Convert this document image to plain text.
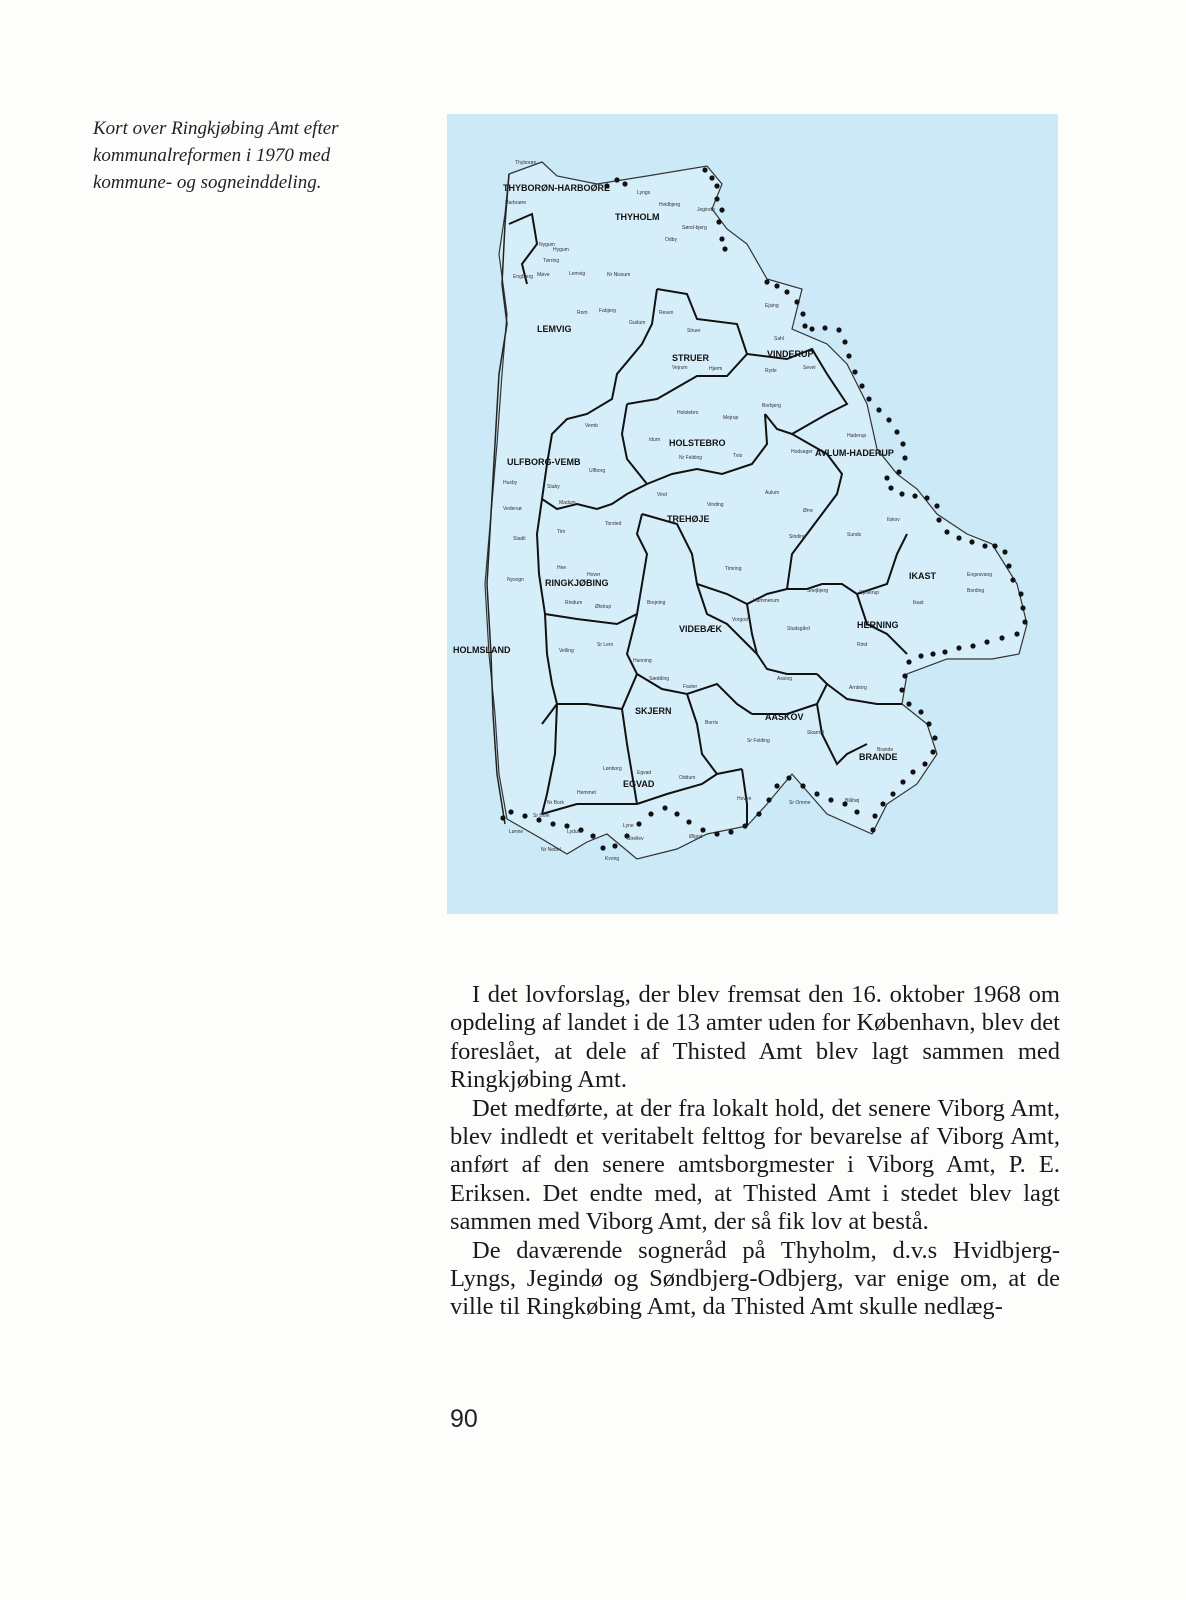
Kort over Ringkjøbing Amt efter
kommunalreformen i 1970 med
kommune- og sogneinddeling.	THYBORØN-HARBOØRE
THYHOLM
LEMVIG
STRUER	VINDERUP
HOLSTEBRO
AVLUM-HADERUP
ULFBORG-VEMB
TREHØJE
IKAST
RINGKJØBING
VIDEBÆK	HERNING
HOLMSLAND
SKJERN
AASKOV
BRANDE
EGVAD
Thyborøn
Harboøre
Lyngs
Hvidbjerg
Jegindø
Sønd-bjerg
Odby
Nygum
Engbjerg
Tørring
Møve
Rom
Lemvig	Nr Nissum
Fabjerg
Gudum
Resen
Struer
Vejrum	Hjerm
Ejsing
Sahl
Sevel
Ryde
Borbjerg
Mejrup
Idum
Holstebro
Tvis
Haderup
Hodsager
Nr Felding
Vemb
Ulfborg
Staby
Madum
Vind
Vinding
Aulum
Timring
Sinding
Ørre
Sunds
Ilskov
Engesvang
Bording
Ikast
Torsted
Hee
Hover
Tim
Nysogn
Rindum
Ølstrup
Brejning
Vorgod
Sr Lem
Hanning
Sædding
Faster
Borris
Sr Felding
Skarrild
Assing
Rind
Arnborg
Brande
Lønborg
Egvad
Oddum
Hoven
Sr Omme	Blåhøj
Nr Bork
Lydum
Lyne
Strellev	Ølgod
Hemmet
Lønne
Nr Nebel
Kvong
Sr Bork
Vedersø
Hygum
Husby
Stadil
Velling
Gjellerup
Snejbjerg
Hammerum
Studsgård

I det lovforslag, der blev fremsat den 16. oktober 1968 om opdeling af landet i de 13 amter uden for København, blev det foreslået, at dele af Thisted Amt blev lagt sammen med Ringkjøbing Amt.

Det medførte, at der fra lokalt hold, det senere Viborg Amt, blev indledt et veritabelt felttog for bevarelse af Viborg Amt, anført af den senere amtsborgmester i Viborg Amt, P. E. Eriksen. Det endte med, at Thisted Amt i stedet blev lagt sammen med Viborg Amt, der så fik lov at bestå.

De daværende sogneråd på Thyholm, d.v.s Hvidbjerg-Lyngs, Jegindø og Søndbjerg-Odbjerg, var enige om, at de ville til Ringkøbing Amt, da Thisted Amt skulle nedlæg-

90
